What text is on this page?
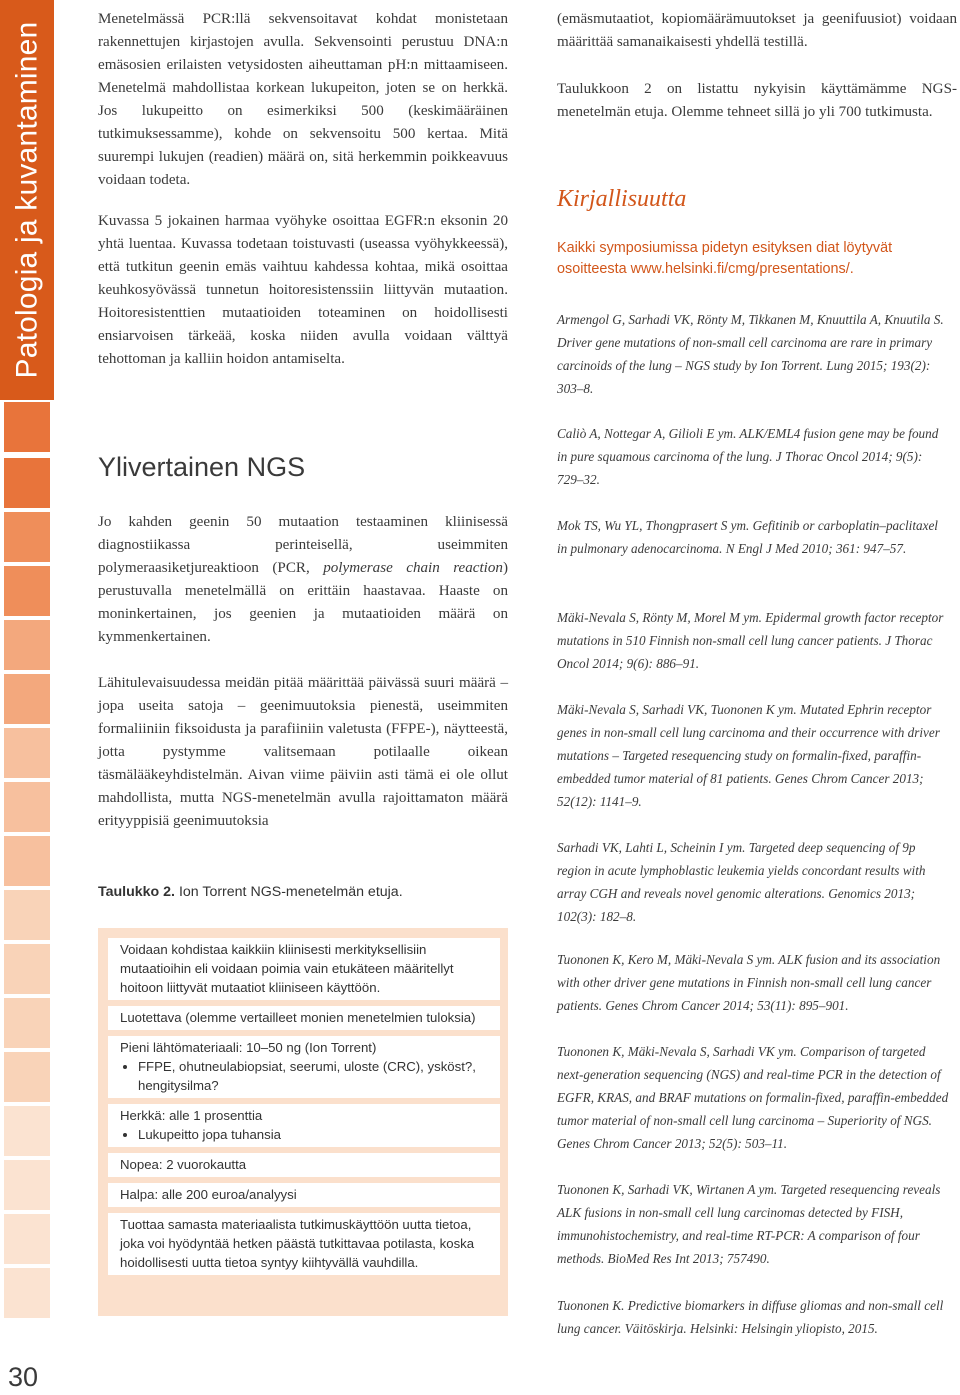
Patologia ja kuvantaminen
30

Menetelmässä PCR:llä sekvensoitavat kohdat monistetaan rakennettujen kirjastojen avulla. Sekvensointi perustuu DNA:n emäsosien erilaisten vetysidosten aiheuttaman pH:n mittaamiseen. Menetelmä mahdollistaa korkean lukupeiton, joten se on herkkä. Jos lukupeitto on esimerkiksi 500 (keskimääräinen tutkimuksessamme), kohde on sekvensoitu 500 kertaa. Mitä suurempi lukujen (readien) määrä on, sitä herkemmin poikkeavuus voidaan todeta.

Kuvassa 5 jokainen harmaa vyöhyke osoittaa EGFR:n eksonin 20 yhtä luentaa. Kuvassa todetaan toistuvasti (useassa vyöhykkeessä), että tutkitun geenin emäs vaihtuu kahdessa kohtaa, mikä osoittaa keuhkosyövässä tunnetun hoitoresistenssiin liittyvän mutaation. Hoitoresistenttien mutaatioiden toteaminen on hoidollisesti ensiarvoisen tärkeää, koska niiden avulla voidaan välttyä tehottoman ja kalliin hoidon antamiselta.

Ylivertainen NGS

Jo kahden geenin 50 mutaation testaaminen kliinisessä diagnostiikassa perinteisellä, useimmiten polymeraasiketjureaktioon (PCR, polymerase chain reaction) perustuvalla menetelmällä on erittäin haastavaa. Haaste on moninkertainen, jos geenien ja mutaatioiden määrä on kymmenkertainen.

Lähitulevaisuudessa meidän pitää määrittää päivässä suuri määrä – jopa useita satoja – geenimuutoksia pienestä, useimmiten formaliiniin fiksoidusta ja parafiiniin valetusta (FFPE-), näytteestä, jotta pystymme valitsemaan potilaalle oikean täsmälääkeyhdistelmän. Aivan viime päiviin asti tämä ei ole ollut mahdollista, mutta NGS-menetelmän avulla rajoittamaton määrä erityyppisiä geenimuutoksia

Taulukko 2. Ion Torrent NGS-menetelmän etuja.
Voidaan kohdistaa kaikkiin kliinisesti merkityksellisiin mutaatioihin eli voidaan poimia vain etukäteen määritellyt hoitoon liittyvät mutaatiot kliiniseen käyttöön.
Luotettava (olemme vertailleet monien menetelmien tuloksia)
Pieni lähtömateriaali: 10–50 ng (Ion Torrent)
• FFPE, ohutneulabiopsiat, seerumi, uloste (CRC), ysköst?, hengitysilma?
Herkkä: alle 1 prosenttia
• Lukupeitto jopa tuhansia
Nopea: 2 vuorokautta
Halpa: alle 200 euroa/analyysi
Tuottaa samasta materiaalista tutkimuskäyttöön uutta tietoa, joka voi hyödyntää hetken päästä tutkittavaa potilasta, koska hoidollisesti uutta tietoa syntyy kiihtyvällä vauhdilla.

(emäsmutaatiot, kopiomäärämuutokset ja geenifuusiot) voidaan määrittää samanaikaisesti yhdellä testillä.

Taulukkoon 2 on listattu nykyisin käyttämämme NGS-menetelmän etuja. Olemme tehneet sillä jo yli 700 tutkimusta.

Kirjallisuutta

Kaikki symposiumissa pidetyn esityksen diat löytyvät osoitteesta www.helsinki.fi/cmg/presentations/.

Armengol G, Sarhadi VK, Rönty M, Tikkanen M, Knuuttila A, Knuutila S. Driver gene mutations of non-small cell carcinoma are rare in primary carcinoids of the lung – NGS study by Ion Torrent. Lung 2015; 193(2): 303–8.

Caliò A, Nottegar A, Gilioli E ym. ALK/EML4 fusion gene may be found in pure squamous carcinoma of the lung. J Thorac Oncol 2014; 9(5): 729–32.

Mok TS, Wu YL, Thongprasert S ym. Gefitinib or carboplatin–paclitaxel in pulmonary adenocarcinoma. N Engl J Med 2010; 361: 947–57.

Mäki-Nevala S, Rönty M, Morel M ym. Epidermal growth factor receptor mutations in 510 Finnish non-small cell lung cancer patients. J Thorac Oncol 2014; 9(6): 886–91.

Mäki-Nevala S, Sarhadi VK, Tuononen K ym. Mutated Ephrin receptor genes in non-small cell lung carcinoma and their occurrence with driver mutations – Targeted resequencing study on formalin-fixed, paraffin-embedded tumor material of 81 patients. Genes Chrom Cancer 2013; 52(12): 1141–9.

Sarhadi VK, Lahti L, Scheinin I ym. Targeted deep sequencing of 9p region in acute lymphoblastic leukemia yields concordant results with array CGH and reveals novel genomic alterations. Genomics 2013; 102(3): 182–8.

Tuononen K, Kero M, Mäki-Nevala S ym. ALK fusion and its association with other driver gene mutations in Finnish non-small cell lung cancer patients. Genes Chrom Cancer 2014; 53(11): 895–901.

Tuononen K, Mäki-Nevala S, Sarhadi VK ym. Comparison of targeted next-generation sequencing (NGS) and real-time PCR in the detection of EGFR, KRAS, and BRAF mutations on formalin-fixed, paraffin-embedded tumor material of non-small cell lung carcinoma – Superiority of NGS. Genes Chrom Cancer 2013; 52(5): 503–11.

Tuononen K, Sarhadi VK, Wirtanen A ym. Targeted resequencing reveals ALK fusions in non-small cell lung carcinomas detected by FISH, immunohistochemistry, and real-time RT-PCR: A comparison of four methods. BioMed Res Int 2013; 757490.

Tuononen K. Predictive biomarkers in diffuse gliomas and non-small cell lung cancer. Väitöskirja. Helsinki: Helsingin yliopisto, 2015.
